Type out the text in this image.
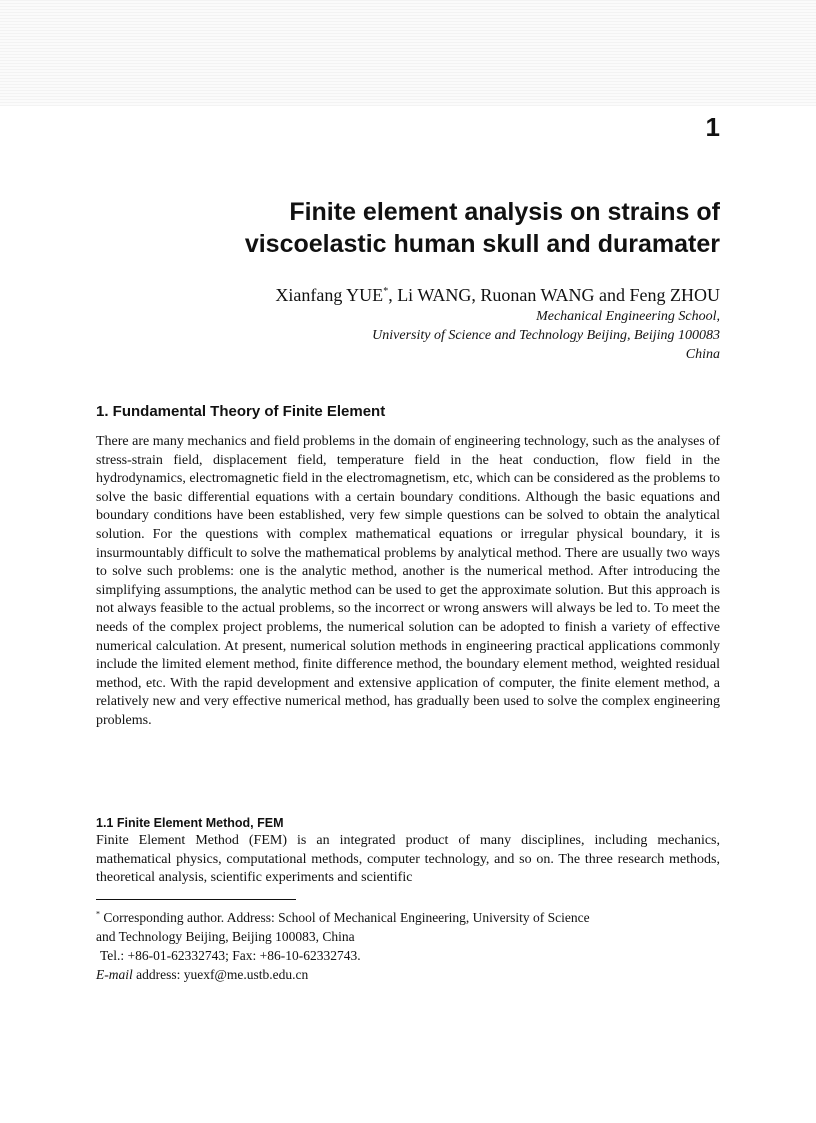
1
Finite element analysis on strains of
viscoelastic human skull and duramater
Xianfang YUE*, Li WANG, Ruonan WANG and Feng ZHOU
Mechanical Engineering School,
University of Science and Technology Beijing, Beijing 100083
China
1. Fundamental Theory of Finite Element

There are many mechanics and field problems in the domain of engineering technology, such as the analyses of stress-strain field, displacement field, temperature field in the heat conduction, flow field in the hydrodynamics, electromagnetic field in the electromagnetism, etc, which can be considered as the problems to solve the basic differential equations with a certain boundary conditions. Although the basic equations and boundary conditions have been established, very few simple questions can be solved to obtain the analytical solution. For the questions with complex mathematical equations or irregular physical boundary, it is insurmountably difficult to solve the mathematical problems by analytical method. There are usually two ways to solve such problems: one is the analytic method, another is the numerical method. After introducing the simplifying assumptions, the analytic method can be used to get the approximate solution. But this approach is not always feasible to the actual problems, so the incorrect or wrong answers will always be led to. To meet the needs of the complex project problems, the numerical solution can be adopted to finish a variety of effective numerical calculation. At present, numerical solution methods in engineering practical applications commonly include the limited element method, finite difference method, the boundary element method, weighted residual method, etc. With the rapid development and extensive application of computer, the finite element method, a relatively new and very effective numerical method, has gradually been used to solve the complex engineering problems.

1.1 Finite Element Method, FEM

Finite Element Method (FEM) is an integrated product of many disciplines, including mechanics, mathematical physics, computational methods, computer technology, and so on. The three research methods, theoretical analysis, scientific experiments and scientific

* Corresponding author. Address: School of Mechanical Engineering, University of Science
and Technology Beijing, Beijing 100083, China
Tel.: +86-01-62332743; Fax: +86-10-62332743.
E-mail address: yuexf@me.ustb.edu.cn
